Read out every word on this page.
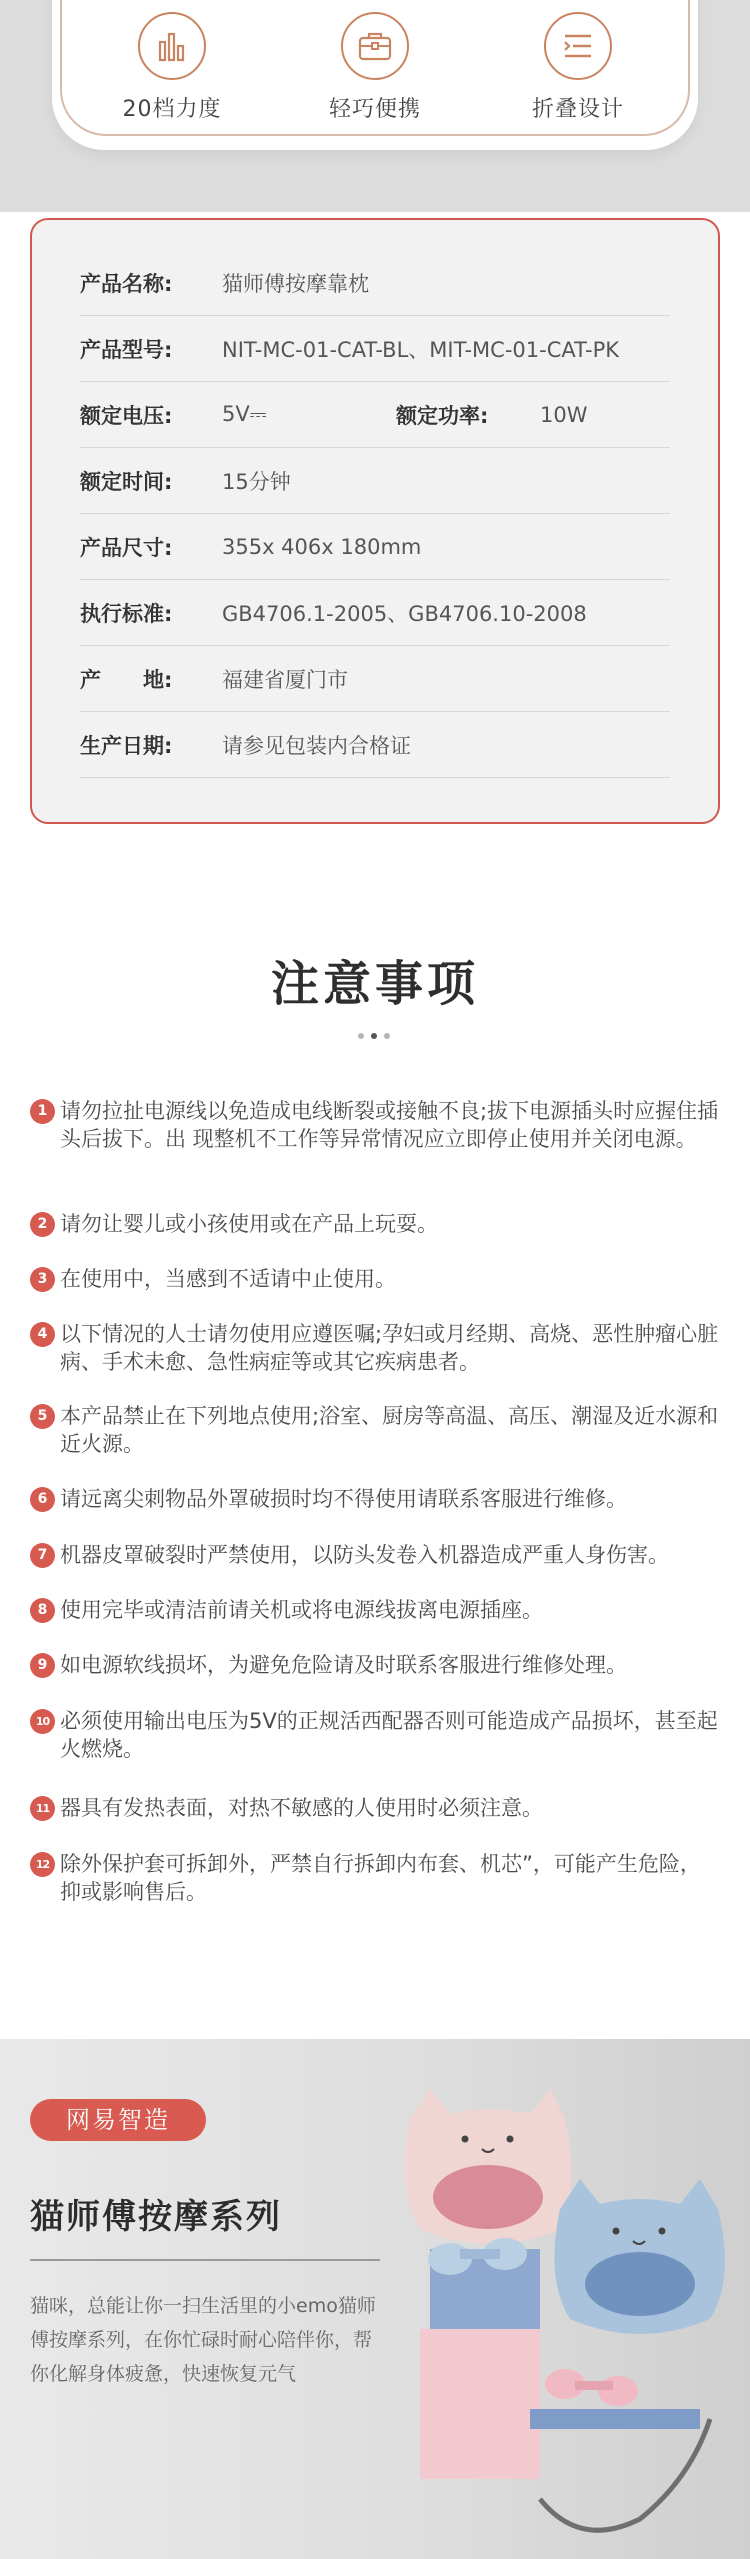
20档力度	轻巧便携	折叠设计
产品名称:	猫师傅按摩靠枕
产品型号:	NIT-MC-01-CAT-BL、MIT-MC-01-CAT-PK
额定电压:	5V⎓	额定功率:	10W
额定时间:	15分钟
产品尺寸:	355x 406x 180mm
执行标准:	GB4706.1-2005、GB4706.10-2008
产　　地:	福建省厦门市
生产日期:	请参见包装内合格证
注意事项
1 请勿拉扯电源线以免造成电线断裂或接触不良;拔下电源插头时应握住插头后拔下。出 现整机不工作等异常情况应立即停止使用并关闭电源。
2 请勿让婴儿或小孩使用或在产品上玩耍。
3 在使用中，当感到不适请中止使用。
4 以下情况的人士请勿使用应遵医嘱;孕妇或月经期、高烧、恶性肿瘤心脏病、手术未愈、急性病症等或其它疾病患者。
5 本产品禁止在下列地点使用;浴室、厨房等高温、高压、潮湿及近水源和近火源。
6 请远离尖刺物品外罩破损时均不得使用请联系客服进行维修。
7 机器皮罩破裂时严禁使用，以防头发卷入机器造成严重人身伤害。
8 使用完毕或清洁前请关机或将电源线拔离电源插座。
9 如电源软线损坏，为避免危险请及时联系客服进行维修处理。
10 必须使用输出电压为5V的正规活西配器否则可能造成产品损坏，甚至起火燃烧。
11 器具有发热表面，对热不敏感的人使用时必须注意。
12 除外保护套可拆卸外，严禁自行拆卸内布套、机芯”，可能产生危险，抑或影响售后。
网易智造
猫师傅按摩系列
猫咪，总能让你一扫生活里的小emo猫师傅按摩系列，在你忙碌时耐心陪伴你，帮你化解身体疲惫，快速恢复元气
